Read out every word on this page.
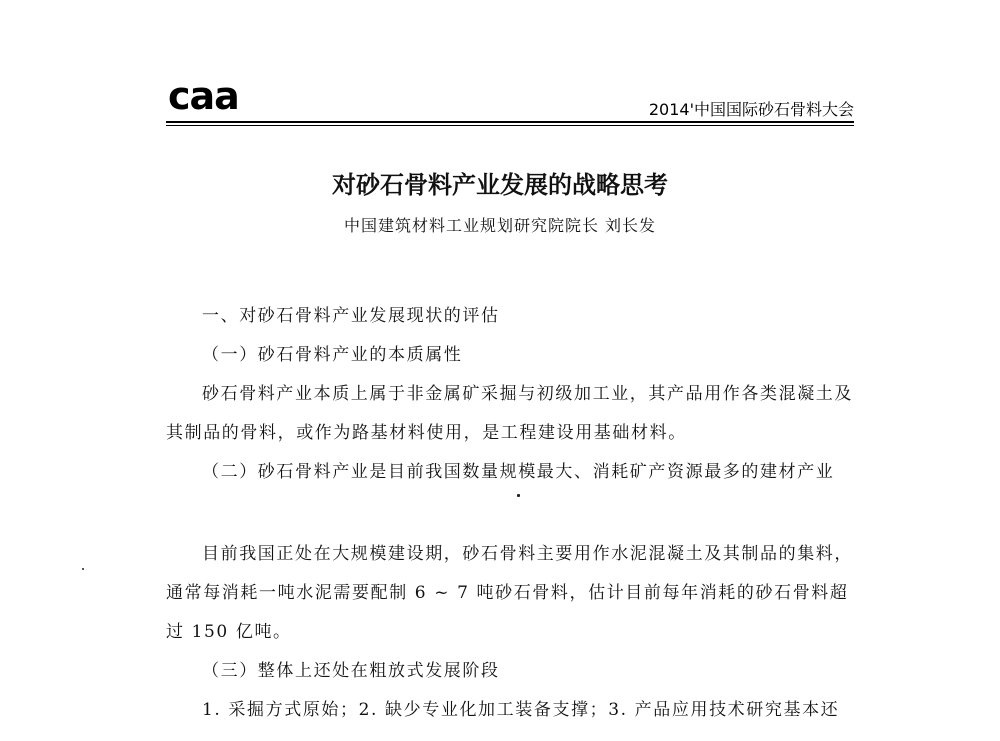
caa	2014'中国国际砂石骨料大会
对砂石骨料产业发展的战略思考
中国建筑材料工业规划研究院院长 刘长发

一、对砂石骨料产业发展现状的评估

（一）砂石骨料产业的本质属性

砂石骨料产业本质上属于非金属矿采掘与初级加工业，其产品用作各类混凝土及其制品的骨料，或作为路基材料使用，是工程建设用基础材料。

（二）砂石骨料产业是目前我国数量规模最大、消耗矿产资源最多的建材产业

目前我国正处在大规模建设期，砂石骨料主要用作水泥混凝土及其制品的集料，通常每消耗一吨水泥需要配制 6 ~ 7 吨砂石骨料，估计目前每年消耗的砂石骨料超过 150 亿吨。

（三）整体上还处在粗放式发展阶段

1. 采掘方式原始；2. 缺少专业化加工装备支撑；3. 产品应用技术研究基本还
